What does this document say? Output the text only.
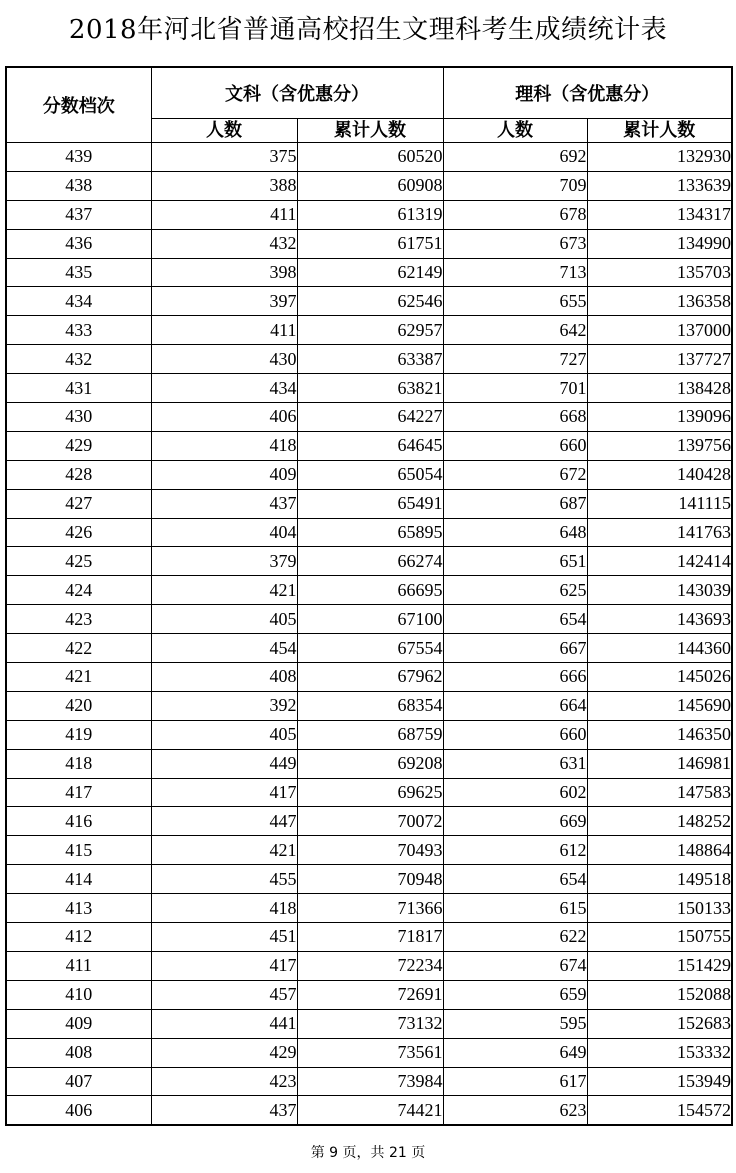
2018年河北省普通高校招生文理科考生成绩统计表
分数档次	文科（含优惠分）		理科（含优惠分）	
	人数	累计人数	人数	累计人数
439	375	60520	692	132930
438	388	60908	709	133639
437	411	61319	678	134317
436	432	61751	673	134990
435	398	62149	713	135703
434	397	62546	655	136358
433	411	62957	642	137000
432	430	63387	727	137727
431	434	63821	701	138428
430	406	64227	668	139096
429	418	64645	660	139756
428	409	65054	672	140428
427	437	65491	687	141115
426	404	65895	648	141763
425	379	66274	651	142414
424	421	66695	625	143039
423	405	67100	654	143693
422	454	67554	667	144360
421	408	67962	666	145026
420	392	68354	664	145690
419	405	68759	660	146350
418	449	69208	631	146981
417	417	69625	602	147583
416	447	70072	669	148252
415	421	70493	612	148864
414	455	70948	654	149518
413	418	71366	615	150133
412	451	71817	622	150755
411	417	72234	674	151429
410	457	72691	659	152088
409	441	73132	595	152683
408	429	73561	649	153332
407	423	73984	617	153949
406	437	74421	623	154572
第 9 页，共 21 页
